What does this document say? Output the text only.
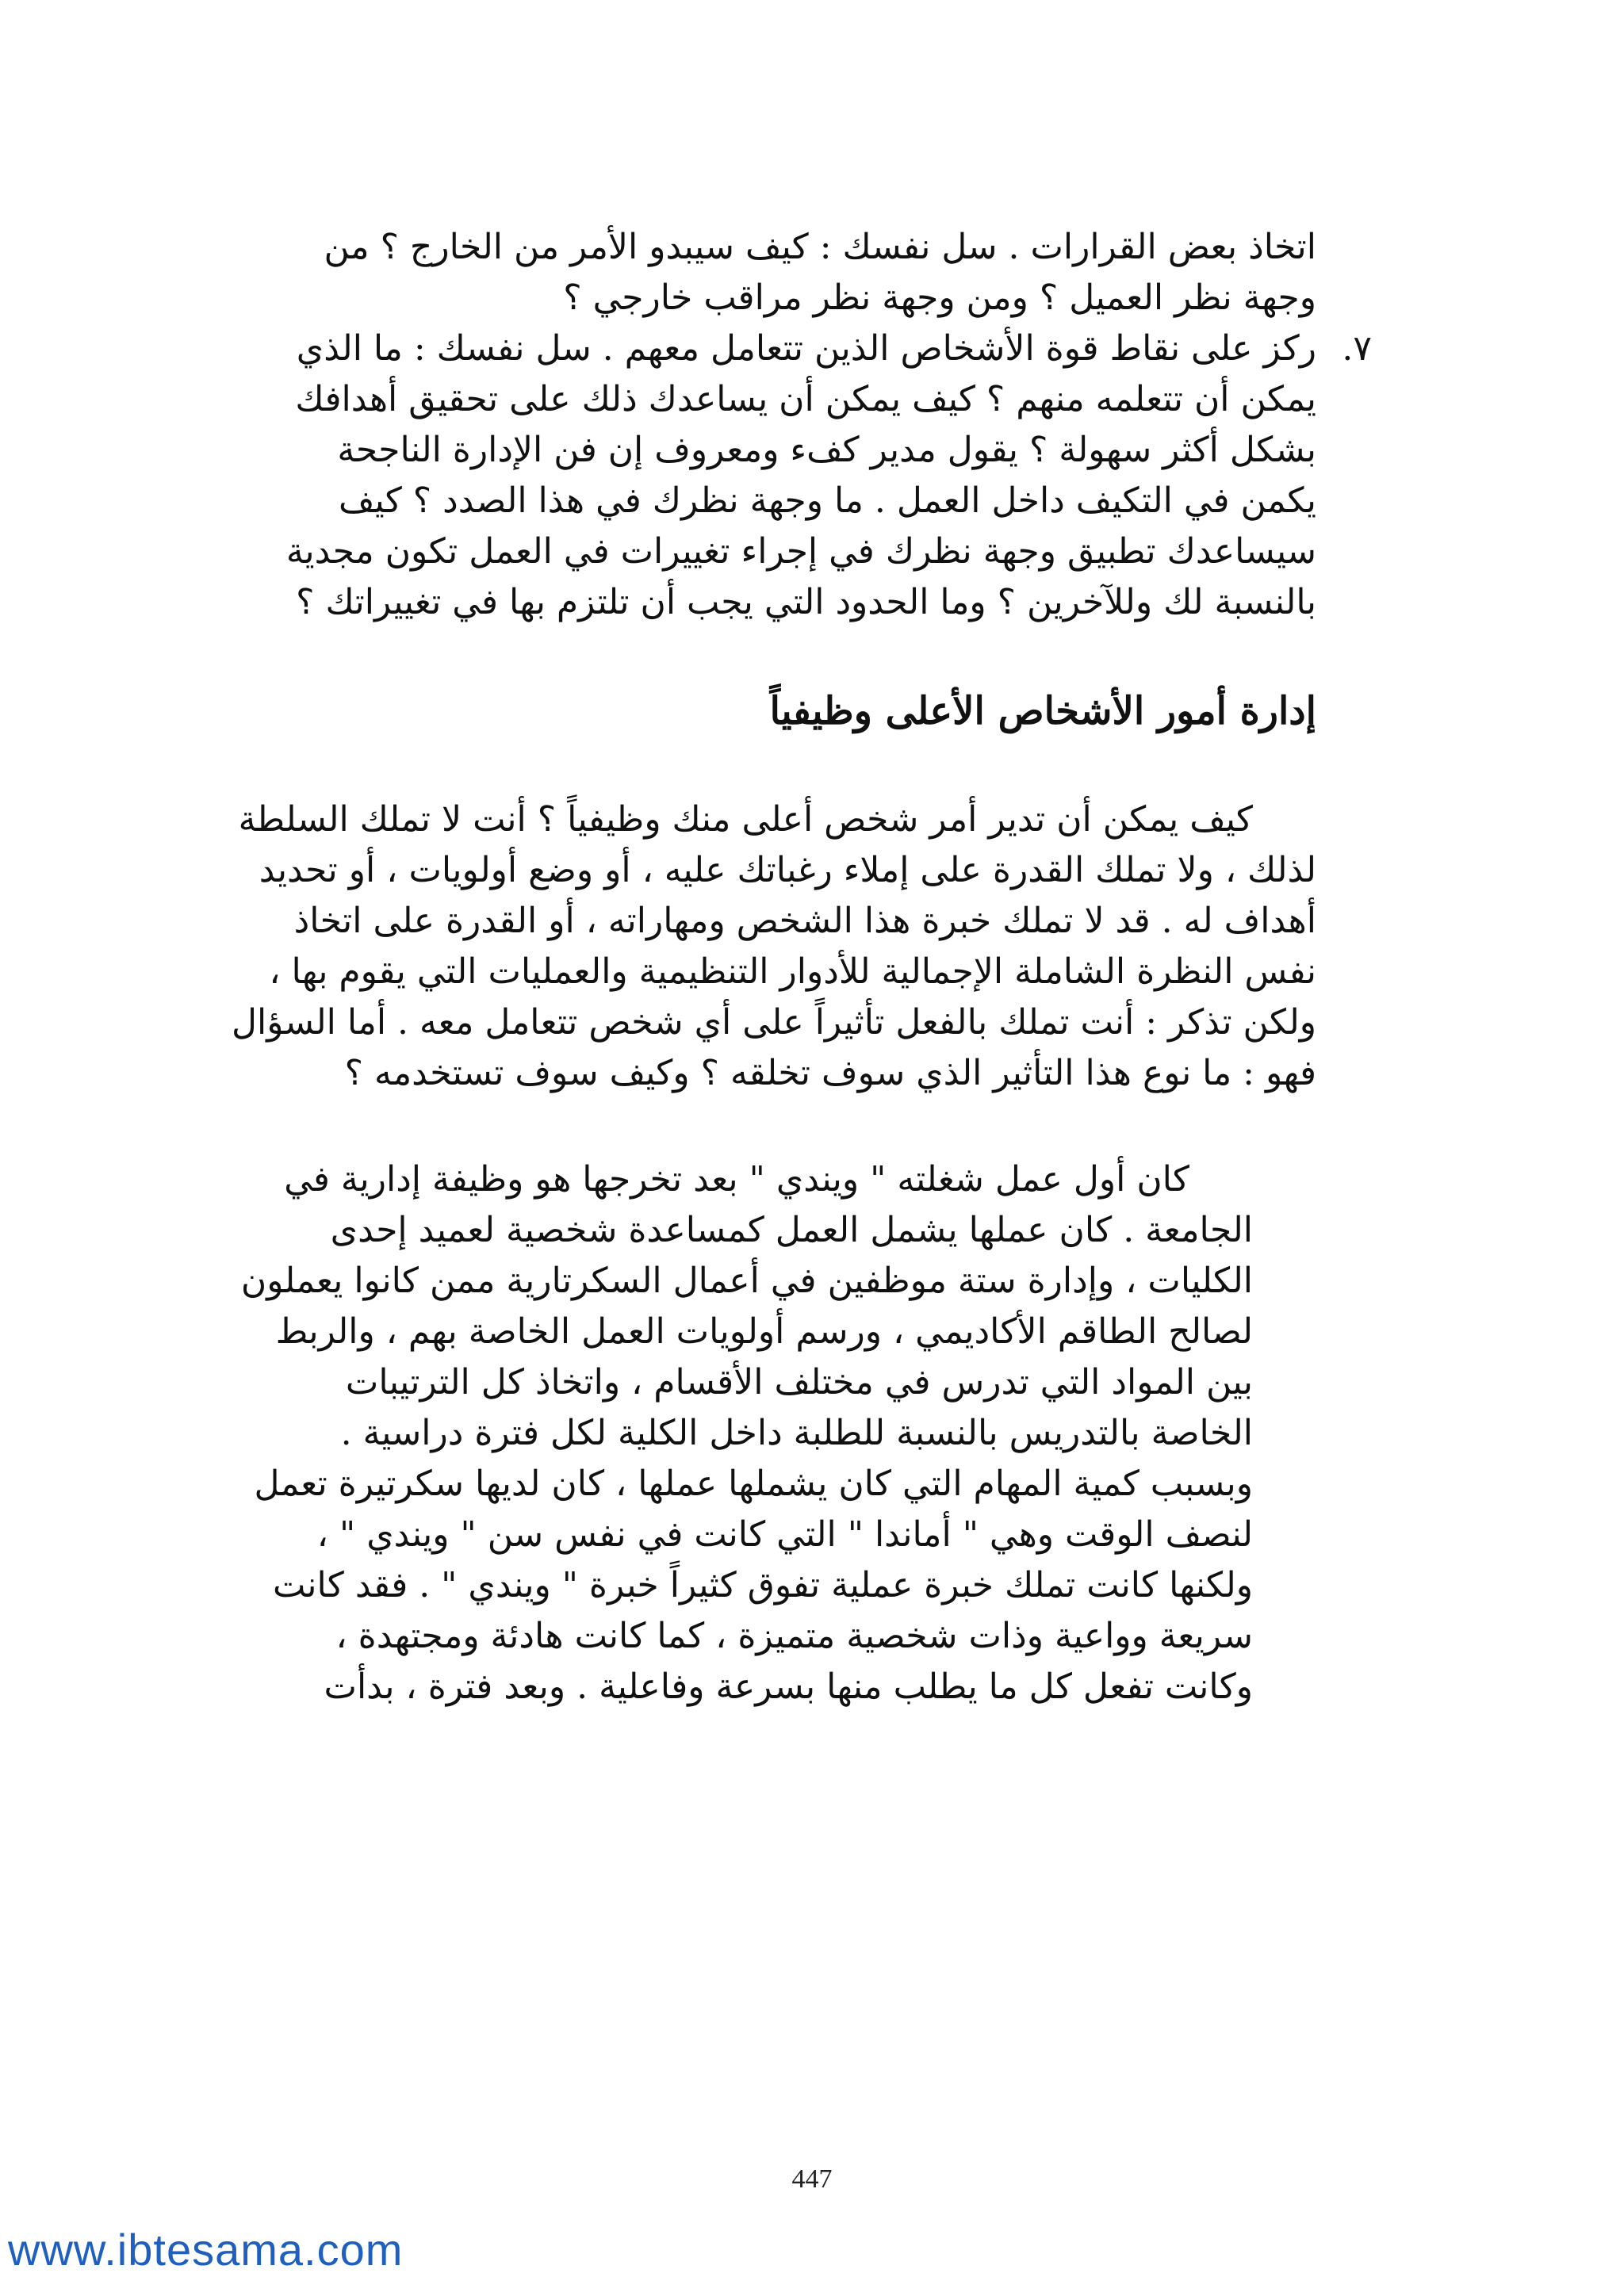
اتخاذ بعض القرارات . سل نفسك : كيف سيبدو الأمر من الخارج ؟ من
وجهة نظر العميل ؟ ومن وجهة نظر مراقب خارجي ؟
٧.
ركز على نقاط قوة الأشخاص الذين تتعامل معهم . سل نفسك : ما الذي
يمكن أن تتعلمه منهم ؟ كيف يمكن أن يساعدك ذلك على تحقيق أهدافك
بشكل أكثر سهولة ؟ يقول مدير كفء ومعروف إن فن الإدارة الناجحة
يكمن في التكيف داخل العمل . ما وجهة نظرك في هذا الصدد ؟ كيف
سيساعدك تطبيق وجهة نظرك في إجراء تغييرات في العمل تكون مجدية
بالنسبة لك وللآخرين ؟ وما الحدود التي يجب أن تلتزم بها في تغييراتك ؟
إدارة أمور الأشخاص الأعلى وظيفياً
كيف يمكن أن تدير أمر شخص أعلى منك وظيفياً ؟ أنت لا تملك السلطة
لذلك ، ولا تملك القدرة على إملاء رغباتك عليه ، أو وضع أولويات ، أو تحديد
أهداف له . قد لا تملك خبرة هذا الشخص ومهاراته ، أو القدرة على اتخاذ
نفس النظرة الشاملة الإجمالية للأدوار التنظيمية والعمليات التي يقوم بها ،
ولكن تذكر : أنت تملك بالفعل تأثيراً على أي شخص تتعامل معه . أما السؤال
فهو : ما نوع هذا التأثير الذي سوف تخلقه ؟ وكيف سوف تستخدمه ؟
كان أول عمل شغلته " ويندي " بعد تخرجها هو وظيفة إدارية في
الجامعة . كان عملها يشمل العمل كمساعدة شخصية لعميد إحدى
الكليات ، وإدارة ستة موظفين في أعمال السكرتارية ممن كانوا يعملون
لصالح الطاقم الأكاديمي ، ورسم أولويات العمل الخاصة بهم ، والربط
بين المواد التي تدرس في مختلف الأقسام ، واتخاذ كل الترتيبات
الخاصة بالتدريس بالنسبة للطلبة داخل الكلية لكل فترة دراسية .
وبسبب كمية المهام التي كان يشملها عملها ، كان لديها سكرتيرة تعمل
لنصف الوقت وهي " أماندا " التي كانت في نفس سن " ويندي " ،
ولكنها كانت تملك خبرة عملية تفوق كثيراً خبرة " ويندي " . فقد كانت
سريعة وواعية وذات شخصية متميزة ، كما كانت هادئة ومجتهدة ،
وكانت تفعل كل ما يطلب منها بسرعة وفاعلية . وبعد فترة ، بدأت
447
www.ibtesama.com
